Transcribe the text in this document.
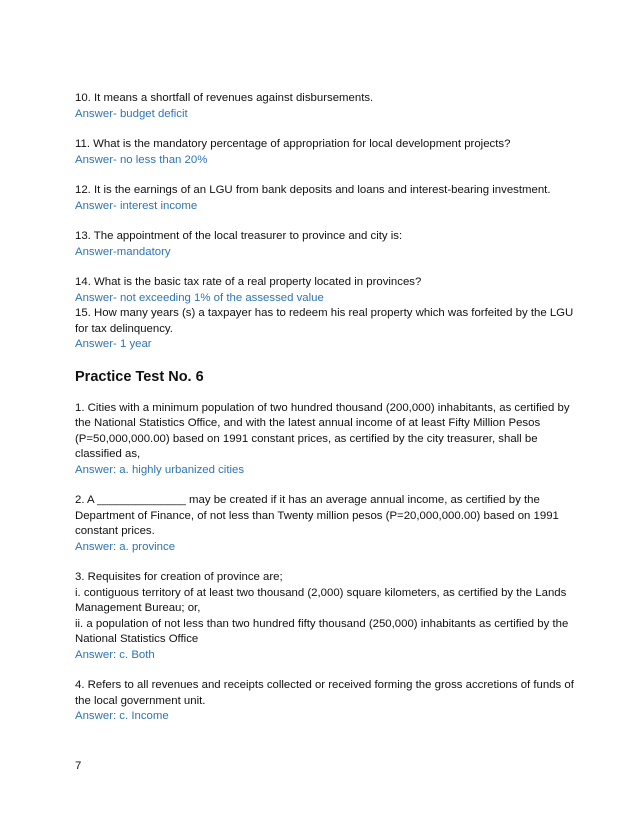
10. It means a shortfall of revenues against disbursements.
Answer- budget deficit
11. What is the mandatory percentage of appropriation for local development projects?
Answer- no less than 20%
12. It is the earnings of an LGU from bank deposits and loans and interest-bearing investment.
Answer- interest income
13. The appointment of the local treasurer to province and city is:
Answer-mandatory
14. What is the basic tax rate of a real property located in provinces?
Answer- not exceeding 1% of the assessed value
15. How many years (s) a taxpayer has to redeem his real property which was forfeited by the LGU for tax delinquency.
Answer- 1 year
Practice Test No. 6
1. Cities with a minimum population of two hundred thousand (200,000) inhabitants, as certified by the National Statistics Office, and with the latest annual income of at least Fifty Million Pesos (P=50,000,000.00) based on 1991 constant prices, as certified by the city treasurer, shall be classified as,
Answer: a. highly urbanized cities
2. A ______________ may be created if it has an average annual income, as certified by the Department of Finance, of not less than Twenty million pesos (P=20,000,000.00) based on 1991 constant prices.
Answer: a. province
3. Requisites for creation of province are;
i. contiguous territory of at least two thousand (2,000) square kilometers, as certified by the Lands Management Bureau; or,
ii. a population of not less than two hundred fifty thousand (250,000) inhabitants as certified by the National Statistics Office
Answer: c. Both
4. Refers to all revenues and receipts collected or received forming the gross accretions of funds of the local government unit.
Answer: c. Income
7
